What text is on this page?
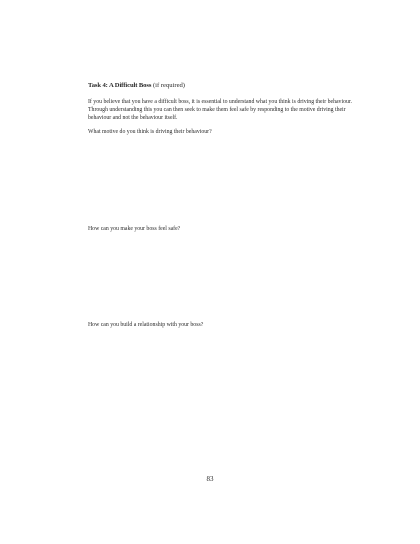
Task 4: A Difficult Boss (if required)

If you believe that you have a difficult boss, it is essential to understand what you think is driving their behaviour. Through understanding this you can then seek to make them feel safe by responding to the motive driving their behaviour and not the behaviour itself.

What motive do you think is driving their behaviour?

How can you make your boss feel safe?

How can you build a relationship with your boss?

83
